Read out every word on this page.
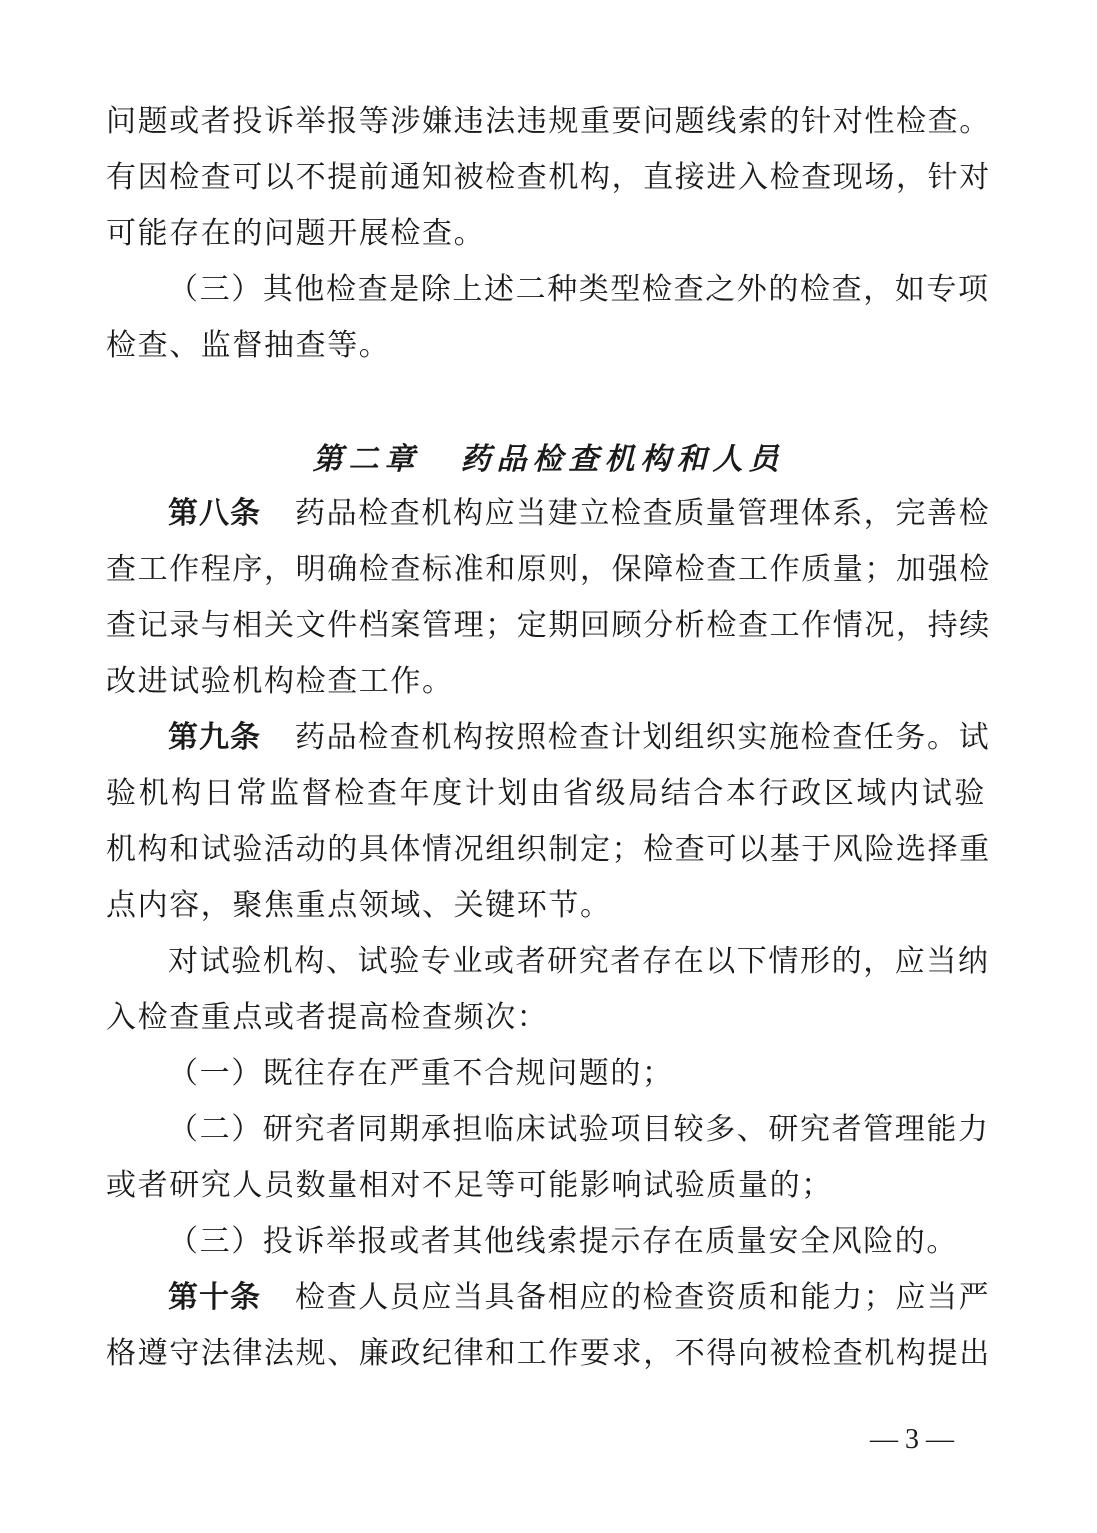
问题或者投诉举报等涉嫌违法违规重要问题线索的针对性检查。
有因检查可以不提前通知被检查机构，直接进入检查现场，针对
可能存在的问题开展检查。
（三）其他检查是除上述二种类型检查之外的检查，如专项
检查、监督抽查等。
第二章 药品检查机构和人员
第八条 药品检查机构应当建立检查质量管理体系，完善检
查工作程序，明确检查标准和原则，保障检查工作质量；加强检
查记录与相关文件档案管理；定期回顾分析检查工作情况，持续
改进试验机构检查工作。
第九条 药品检查机构按照检查计划组织实施检查任务。试
验机构日常监督检查年度计划由省级局结合本行政区域内试验
机构和试验活动的具体情况组织制定；检查可以基于风险选择重
点内容，聚焦重点领域、关键环节。
对试验机构、试验专业或者研究者存在以下情形的，应当纳
入检查重点或者提高检查频次：
（一）既往存在严重不合规问题的；
（二）研究者同期承担临床试验项目较多、研究者管理能力
或者研究人员数量相对不足等可能影响试验质量的；
（三）投诉举报或者其他线索提示存在质量安全风险的。
第十条 检查人员应当具备相应的检查资质和能力；应当严
格遵守法律法规、廉政纪律和工作要求，不得向被检查机构提出
— 3 —
